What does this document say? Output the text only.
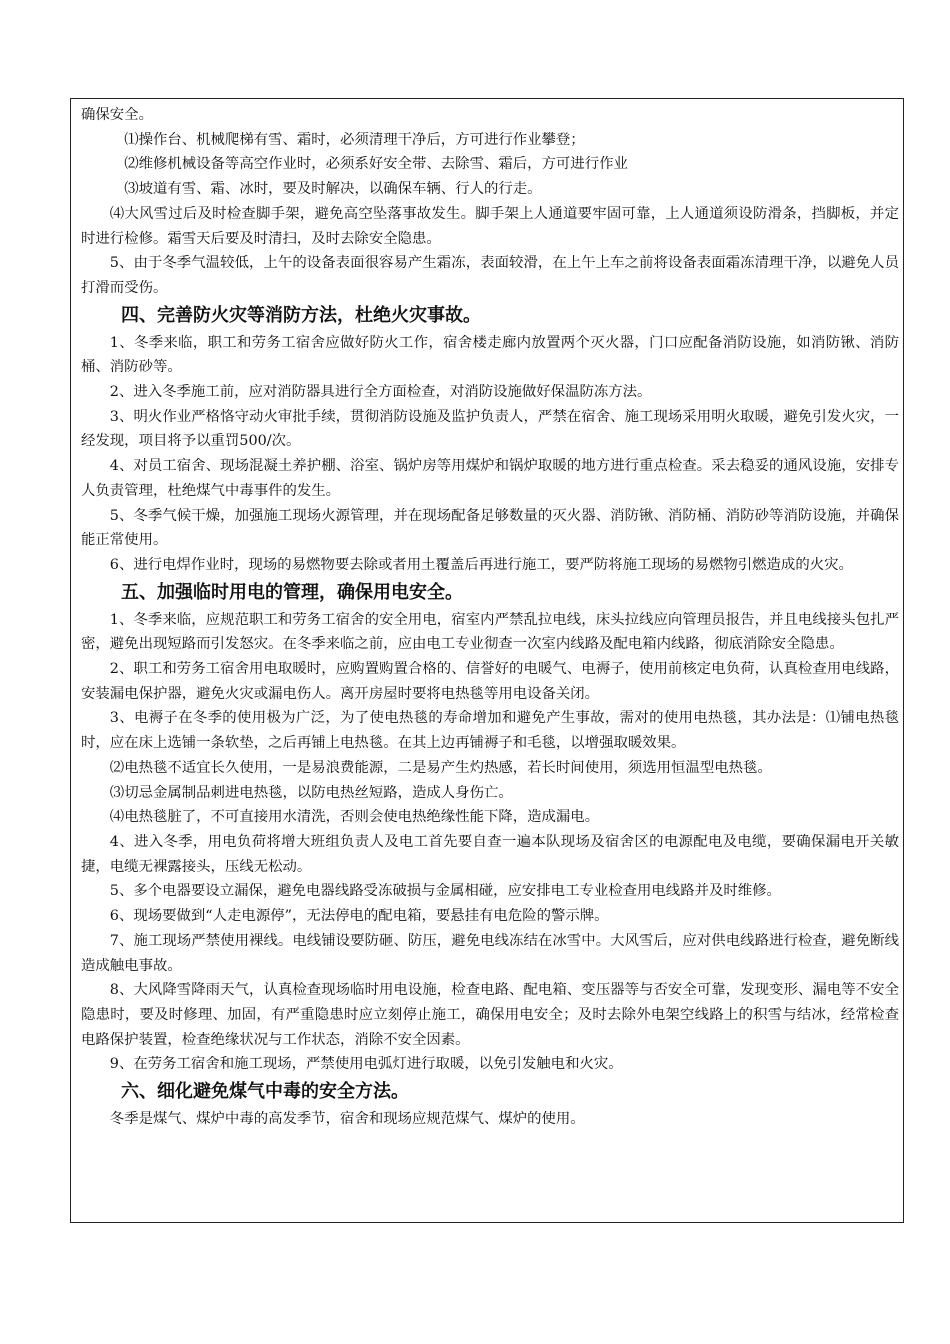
确保安全。

⑴操作台、机械爬梯有雪、霜时，必须清理干净后，方可进行作业攀登；

⑵维修机械设备等高空作业时，必须系好安全带、去除雪、霜后，方可进行作业

⑶坡道有雪、霜、冰时，要及时解决，以确保车辆、行人的行走。

⑷大风雪过后及时检查脚手架，避免高空坠落事故发生。脚手架上人通道要牢固可靠，上人通道须设防滑条，挡脚板，并定时进行检修。霜雪天后要及时清扫，及时去除安全隐患。

5、由于冬季气温较低，上午的设备表面很容易产生霜冻，表面较滑，在上午上车之前将设备表面霜冻清理干净，以避免人员打滑而受伤。

四、完善防火灾等消防方法，杜绝火灾事故。

1、冬季来临，职工和劳务工宿舍应做好防火工作，宿舍楼走廊内放置两个灭火器，门口应配备消防设施，如消防锹、消防桶、消防砂等。

2、进入冬季施工前，应对消防器具进行全方面检查，对消防设施做好保温防冻方法。

3、明火作业严格恪守动火审批手续，贯彻消防设施及监护负责人，严禁在宿舍、施工现场采用明火取暖，避免引发火灾，一经发现，项目将予以重罚500/次。

4、对员工宿舍、现场混凝土养护棚、浴室、锅炉房等用煤炉和锅炉取暖的地方进行重点检查。采去稳妥的通风设施，安排专人负责管理，杜绝煤气中毒事件的发生。

5、冬季气候干燥，加强施工现场火源管理，并在现场配备足够数量的灭火器、消防锹、消防桶、消防砂等消防设施，并确保能正常使用。

6、进行电焊作业时，现场的易燃物要去除或者用土覆盖后再进行施工，要严防将施工现场的易燃物引燃造成的火灾。

五、加强临时用电的管理，确保用电安全。

1、冬季来临，应规范职工和劳务工宿舍的安全用电，宿室内严禁乱拉电线，床头拉线应向管理员报告，并且电线接头包扎严密，避免出现短路而引发怒灾。在冬季来临之前，应由电工专业彻查一次室内线路及配电箱内线路，彻底消除安全隐患。

2、职工和劳务工宿舍用电取暖时，应购置购置合格的、信誉好的电暖气、电褥子，使用前核定电负荷，认真检查用电线路，安装漏电保护器，避免火灾或漏电伤人。离开房屋时要将电热毯等用电设备关闭。

3、电褥子在冬季的使用极为广泛，为了使电热毯的寿命增加和避免产生事故，需对的使用电热毯，其办法是：⑴铺电热毯时，应在床上选铺一条软垫，之后再铺上电热毯。在其上边再铺褥子和毛毯，以增强取暖效果。

⑵电热毯不适宜长久使用，一是易浪费能源，二是易产生灼热感，若长时间使用，须选用恒温型电热毯。

⑶切忌金属制品刺进电热毯，以防电热丝短路，造成人身伤亡。

⑷电热毯脏了，不可直接用水清洗，否则会使电热绝缘性能下降，造成漏电。

4、进入冬季，用电负荷将增大班组负责人及电工首先要自查一遍本队现场及宿舍区的电源配电及电缆，要确保漏电开关敏捷，电缆无裸露接头，压线无松动。

5、多个电器要设立漏保，避免电器线路受冻破损与金属相碰，应安排电工专业检查用电线路并及时维修。

6、现场要做到“人走电源停”，无法停电的配电箱，要悬挂有电危险的警示牌。

7、施工现场严禁使用裸线。电线铺设要防砸、防压，避免电线冻结在冰雪中。大风雪后，应对供电线路进行检查，避免断线造成触电事故。

8、大风降雪降雨天气，认真检查现场临时用电设施，检查电路、配电箱、变压器等与否安全可靠，发现变形、漏电等不安全隐患时，要及时修理、加固，有严重隐患时应立刻停止施工，确保用电安全；及时去除外电架空线路上的积雪与结冰，经常检查电路保护装置，检查绝缘状况与工作状态，消除不安全因素。

9、在劳务工宿舍和施工现场，严禁使用电弧灯进行取暖，以免引发触电和火灾。

六、细化避免煤气中毒的安全方法。

冬季是煤气、煤炉中毒的高发季节，宿舍和现场应规范煤气、煤炉的使用。
